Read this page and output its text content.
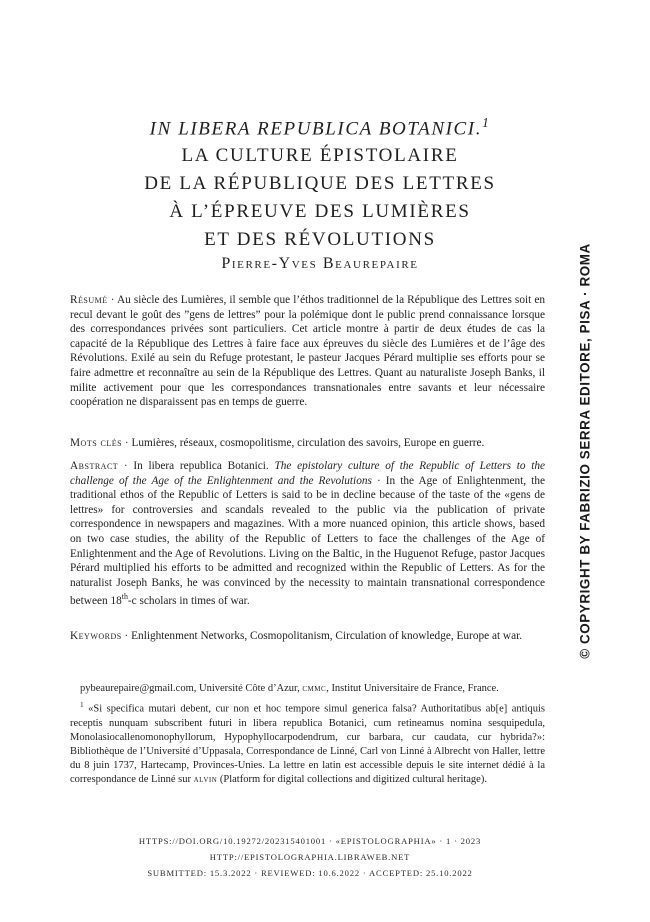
IN LIBERA REPUBLICA BOTANICI.$^1$
LA CULTURE ÉPISTOLAIRE
DE LA RÉPUBLIQUE DES LETTRES
À L’ÉPREUVE DES LUMIÈRES
ET DES RÉVOLUTIONS
Pierre-Yves Beaurepaire

Résumé · Au siècle des Lumières, il semble que l’éthos traditionnel de la République des Lettres soit en recul devant le goût des ”gens de lettres” pour la polémique dont le public prend connaissance lorsque des correspondances privées sont particuliers. Cet article montre à partir de deux études de cas la capacité de la République des Lettres à faire face aux épreuves du siècle des Lumières et de l’âge des Révolutions. Exilé au sein du Refuge protestant, le pasteur Jacques Pérard multiplie ses efforts pour se faire admettre et reconnaître au sein de la République des Lettres. Quant au naturaliste Joseph Banks, il milite activement pour que les correspondances transnationales entre savants et leur nécessaire coopération ne disparaissent pas en temps de guerre.

Mots clés · Lumières, réseaux, cosmopolitisme, circulation des savoirs, Europe en guerre.

Abstract · In libera republica Botanici. The epistolary culture of the Republic of Letters to the challenge of the Age of the Enlightenment and the Revolutions · In the Age of Enlightenment, the traditional ethos of the Republic of Letters is said to be in decline because of the taste of the «gens de lettres» for controversies and scandals revealed to the public via the publication of private correspondence in newspapers and magazines. With a more nuanced opinion, this article shows, based on two case studies, the ability of the Republic of Letters to face the challenges of the Age of Enlightenment and the Age of Revolutions. Living on the Baltic, in the Huguenot Refuge, pastor Jacques Pérard multiplied his efforts to be admitted and recognized within the Republic of Letters. As for the naturalist Joseph Banks, he was convinced by the necessity to maintain transnational correspondence between 18th-c scholars in times of war.

Keywords · Enlightenment Networks, Cosmopolitanism, Circulation of knowledge, Europe at war.

pybeaurepaire@gmail.com, Université Côte d’Azur, cmmc, Institut Universitaire de France, France.

$^1$ «Si specifica mutari debent, cur non et hoc tempore simul generica falsa? Authoritatibus ab[e] antiquis receptis nunquam subscribent futuri in libera republica Botanici, cum retineamus nomina sesquipedula, Monolasiocallenomonophyllorum, Hypophyllocarpodendrum, cur barbara, cur caudata, cur hybrida?»: Bibliothèque de l’Université d’Uppasala, Correspondance de Linné, Carl von Linné à Albrecht von Haller, lettre du 8 juin 1737, Hartecamp, Provinces-Unies. La lettre en latin est accessible depuis le site internet dédié à la correspondance de Linné sur alvin (Platform for digital collections and digitized cultural heritage).

HTTPS://DOI.ORG/10.19272/202315401001 · «EPISTOLOGRAPHIA» · 1 · 2023
HTTP://EPISTOLOGRAPHIA.LIBRAWEB.NET
SUBMITTED: 15.3.2022 · REVIEWED: 10.6.2022 · ACCEPTED: 25.10.2022
© COPYRIGHT BY FABRIZIO SERRA EDITORE, PISA · ROMA
